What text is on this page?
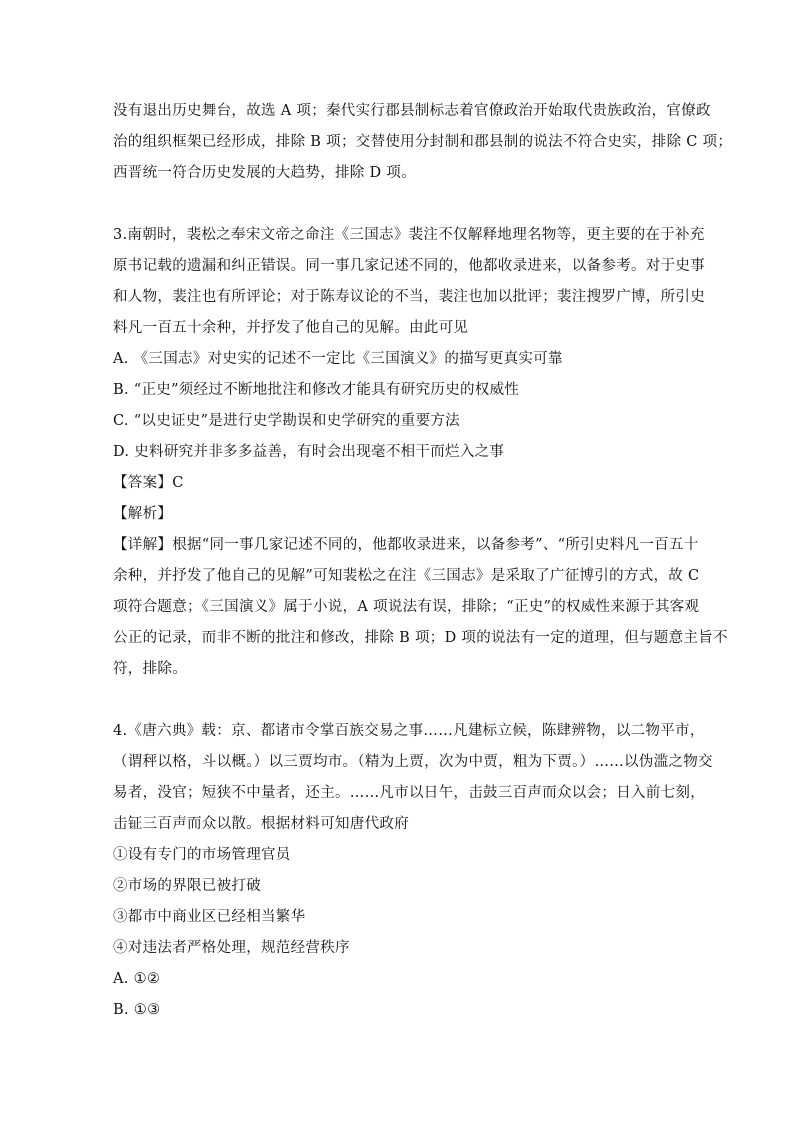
没有退出历史舞台，故选 A 项；秦代实行郡县制标志着官僚政治开始取代贵族政治，官僚政
治的组织框架已经形成，排除 B 项；交替使用分封制和郡县制的说法不符合史实，排除 C 项；
西晋统一符合历史发展的大趋势，排除 D 项。
3.南朝时，裴松之奉宋文帝之命注《三国志》裴注不仅解释地理名物等，更主要的在于补充
原书记载的遗漏和纠正错误。同一事几家记述不同的，他都收录进来，以备参考。对于史事
和人物，裴注也有所评论；对于陈寿议论的不当，裴注也加以批评；裴注搜罗广博，所引史
料凡一百五十余种，并抒发了他自己的见解。由此可见
A. 《三国志》对史实的记述不一定比《三国演义》的描写更真实可靠
B. “正史”须经过不断地批注和修改才能具有研究历史的权威性
C. “以史证史”是进行史学勘误和史学研究的重要方法
D. 史料研究并非多多益善，有时会出现毫不相干而烂入之事
【答案】C
【解析】
【详解】根据“同一事几家记述不同的，他都收录进来，以备参考”、“所引史料凡一百五十
余种，并抒发了他自己的见解”可知裴松之在注《三国志》是采取了广征博引的方式，故 C
项符合题意；《三国演义》属于小说，A 项说法有误，排除；“正史”的权威性来源于其客观
公正的记录，而非不断的批注和修改，排除 B 项；D 项的说法有一定的道理，但与题意主旨不
符，排除。
4.《唐六典》载：京、都诸市令掌百族交易之事……凡建标立候，陈肆辨物，以二物平市，
（谓秤以格，斗以概。）以三贾均市。（精为上贾，次为中贾，粗为下贾。）……以伪滥之物交
易者，没官；短狭不中量者，还主。……凡市以日午，击鼓三百声而众以会；日入前七刻，
击钲三百声而众以散。根据材料可知唐代政府
①设有专门的市场管理官员
②市场的界限已被打破
③都市中商业区已经相当繁华
④对违法者严格处理，规范经营秩序
A. ①②
B. ①③
